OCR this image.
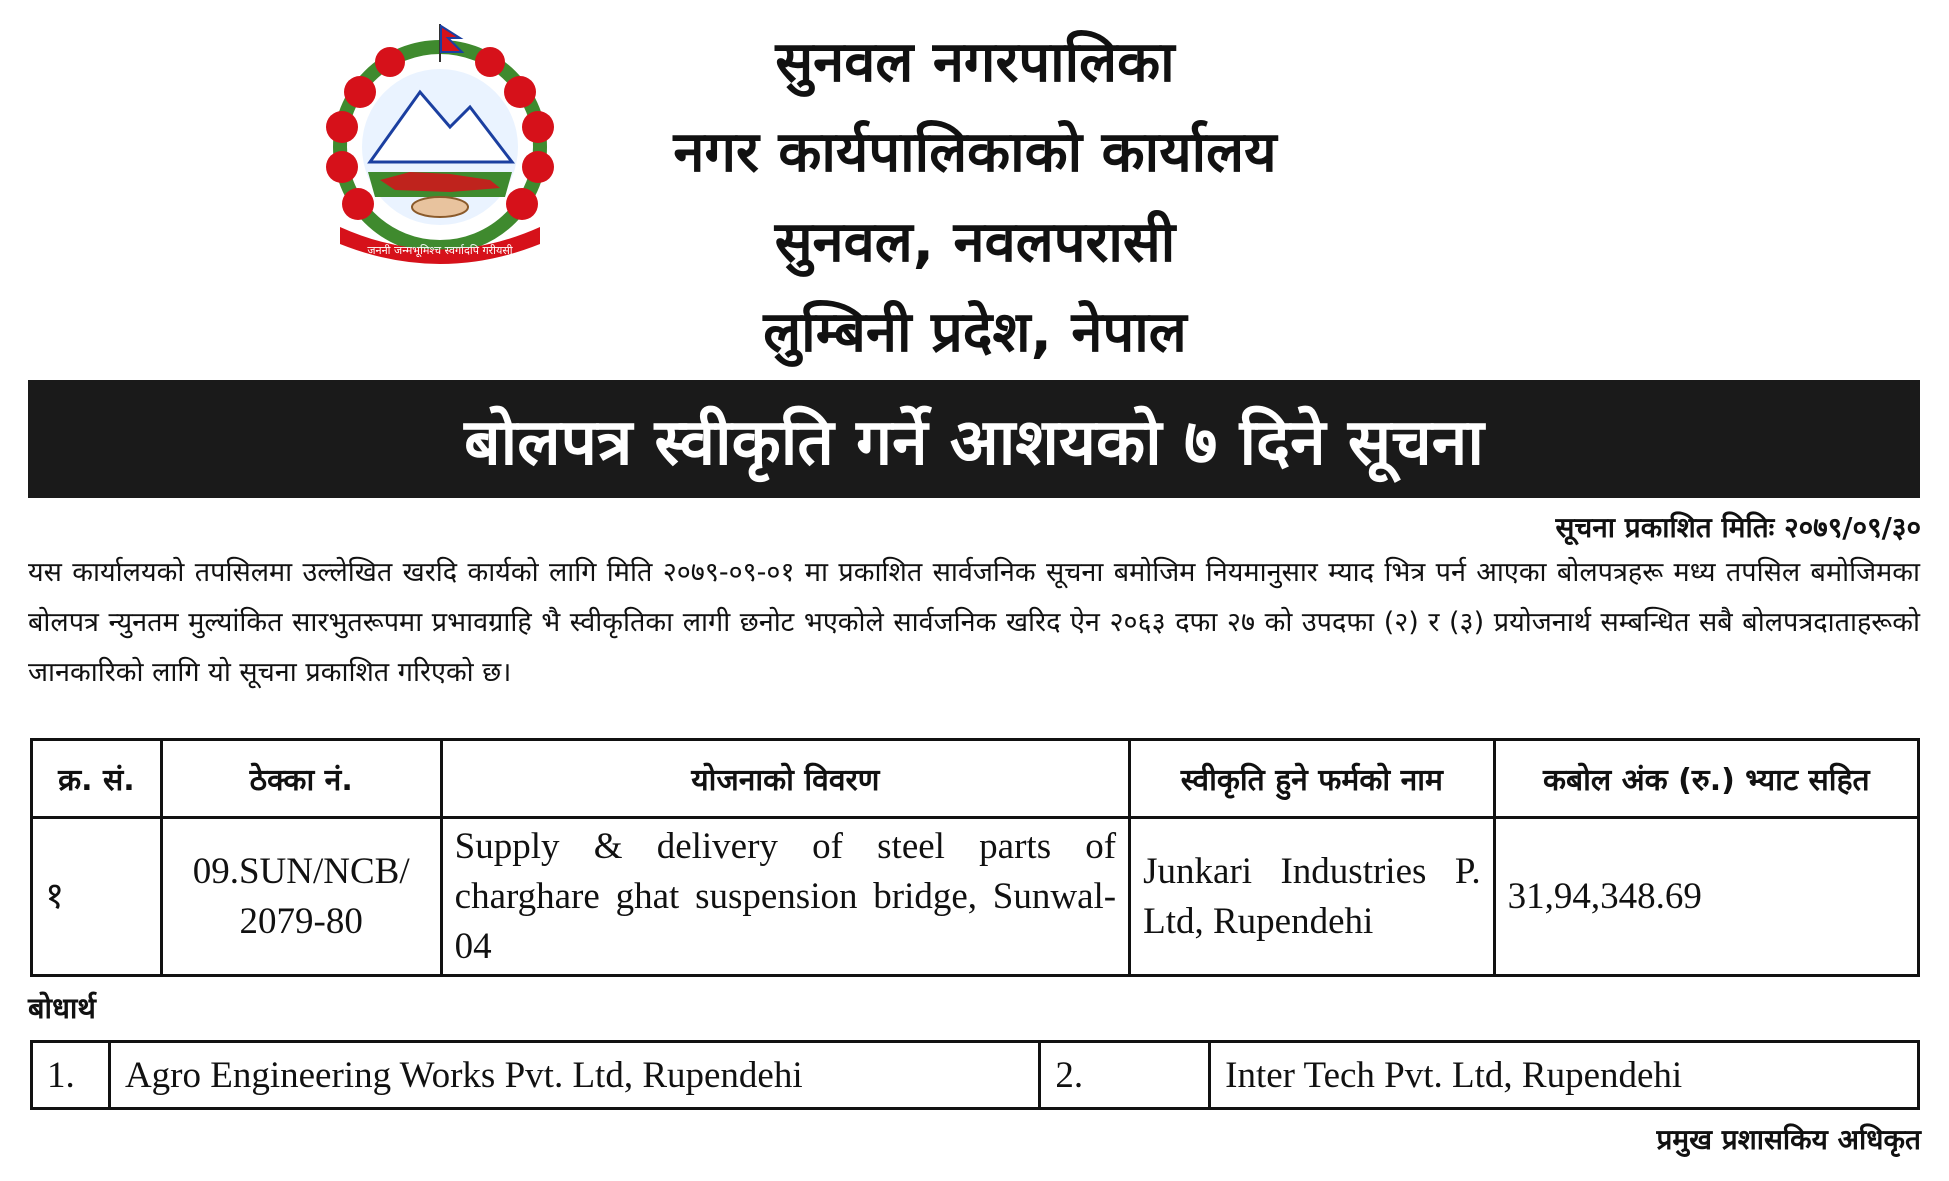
जननी जन्मभूमिश्च स्वर्गादपि गरीयसी
सुनवल नगरपालिका
नगर कार्यपालिकाको कार्यालय
सुनवल, नवलपरासी
लुम्बिनी प्रदेश, नेपाल
बोलपत्र स्वीकृति गर्ने आशयको ७ दिने सूचना
सूचना प्रकाशित मितिः २०७९/०९/३०
यस कार्यालयको तपसिलमा उल्लेखित खरदि कार्यको लागि मिति २०७९-०९-०१ मा प्रकाशित सार्वजनिक सूचना बमोजिम नियमानुसार म्याद भित्र पर्न आएका बोलपत्रहरू मध्य तपसिल बमोजिमका बोलपत्र न्युनतम मुल्यांकित सारभुतरूपमा प्रभावग्राहि भै स्वीकृतिका लागी छनोट भएकोले सार्वजनिक खरिद ऐन २०६३ दफा २७ को उपदफा (२) र (३) प्रयोजनार्थ सम्बन्धित सबै बोलपत्रदाताहरूको जानकारिको लागि यो सूचना प्रकाशित गरिएको छ।
क्र. सं.	ठेक्का नं.	योजनाको विवरण	स्वीकृति हुने फर्मको नाम	कबोल अंक (रु.) भ्याट सहित
१	09.SUN/NCB/ 2079-80	Supply & delivery of steel parts of charghare ghat suspension bridge, Sunwal-04	Junkari Industries P. Ltd, Rupendehi	31,94,348.69
बोधार्थ
1.	Agro Engineering Works Pvt. Ltd, Rupendehi	2.	Inter Tech Pvt. Ltd, Rupendehi
प्रमुख प्रशासकिय अधिकृत
